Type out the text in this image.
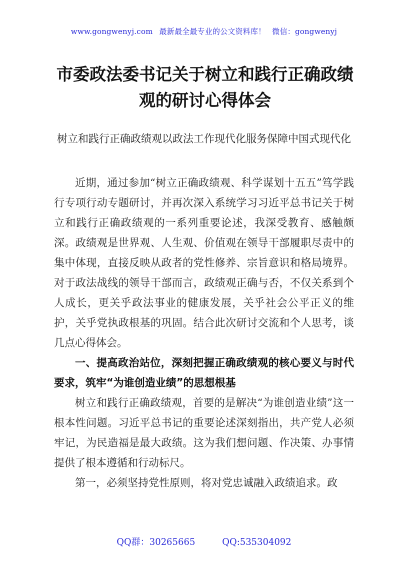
www.gongwenyj.com 最新最全最专业的公文资料库！ 微信：gongwenyj
市委政法委书记关于树立和践行正确政绩观的研讨心得体会
树立和践行正确政绩观以政法工作现代化服务保障中国式现代化

近期，通过参加“树立正确政绩观、科学谋划十五五”笃学践行专项行动专题研讨，并再次深入系统学习习近平总书记关于树立和践行正确政绩观的一系列重要论述，我深受教育、感触颇深。政绩观是世界观、人生观、价值观在领导干部履职尽责中的集中体现，直接反映从政者的党性修养、宗旨意识和格局境界。对于政法战线的领导干部而言，政绩观正确与否，不仅关系到个人成长，更关乎政法事业的健康发展，关乎社会公平正义的维护，关乎党执政根基的巩固。结合此次研讨交流和个人思考，谈几点心得体会。

一、提高政治站位，深刻把握正确政绩观的核心要义与时代要求，筑牢“为谁创造业绩”的思想根基

树立和践行正确政绩观，首要的是解决“为谁创造业绩”这一根本性问题。习近平总书记的重要论述深刻指出，共产党人必须牢记，为民造福是最大政绩。这为我们想问题、作决策、办事情提供了根本遵循和行动标尺。

第一，必须坚持党性原则，将对党忠诚融入政绩追求。政

QQ群：30265665	QQ:535304092
